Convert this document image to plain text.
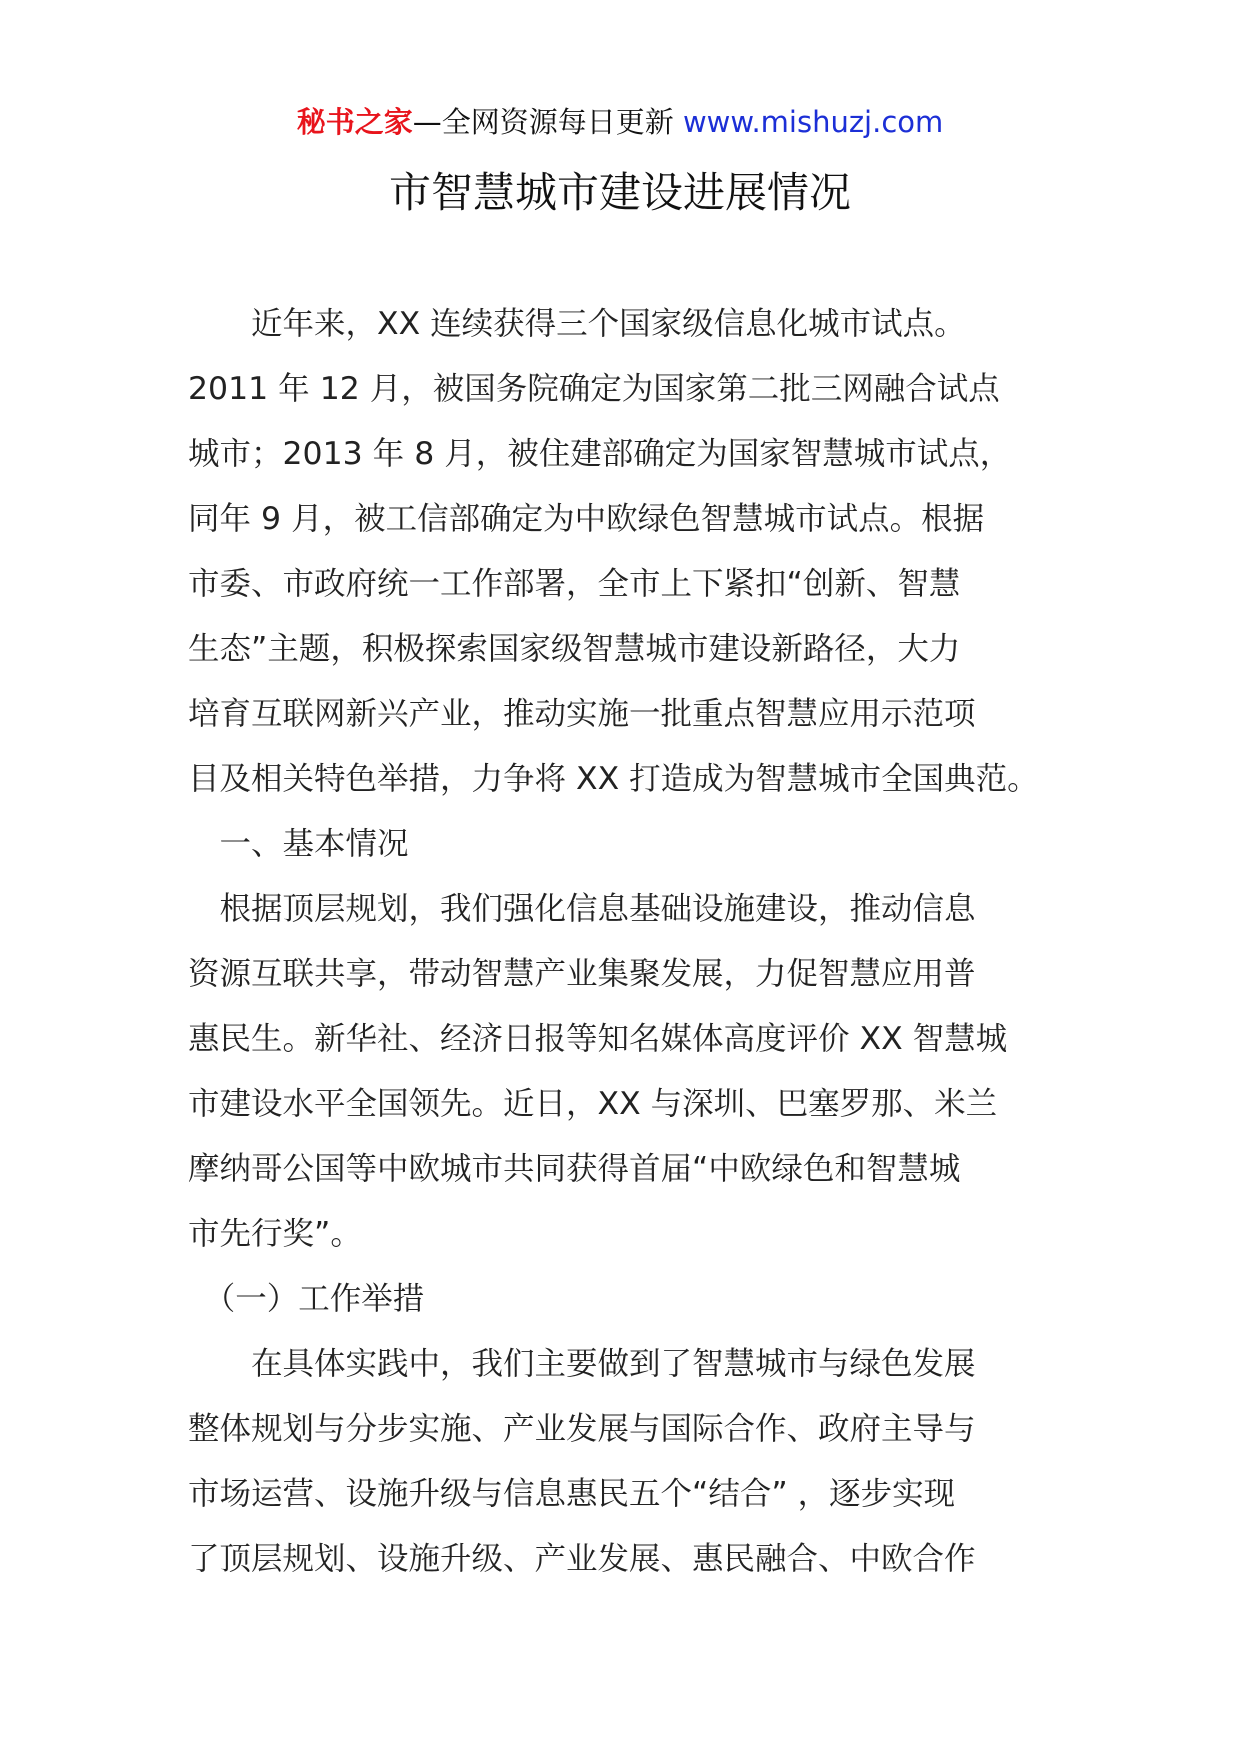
秘书之家—全网资源每日更新 www.mishuzj.com
市智慧城市建设进展情况
　　近年来，XX 连续获得三个国家级信息化城市试点。
2011 年 12 月，被国务院确定为国家第二批三网融合试点
城市；2013 年 8 月，被住建部确定为国家智慧城市试点，
同年 9 月，被工信部确定为中欧绿色智慧城市试点。根据
市委、市政府统一工作部署，全市上下紧扣“创新、智慧
生态”主题，积极探索国家级智慧城市建设新路径，大力
培育互联网新兴产业，推动实施一批重点智慧应用示范项
目及相关特色举措，力争将 XX 打造成为智慧城市全国典范。
　一、基本情况
　根据顶层规划，我们强化信息基础设施建设，推动信息
资源互联共享，带动智慧产业集聚发展，力促智慧应用普
惠民生。新华社、经济日报等知名媒体高度评价 XX 智慧城
市建设水平全国领先。近日，XX 与深圳、巴塞罗那、米兰
摩纳哥公国等中欧城市共同获得首届“中欧绿色和智慧城
市先行奖”。
　（一）工作举措
　　在具体实践中，我们主要做到了智慧城市与绿色发展
整体规划与分步实施、产业发展与国际合作、政府主导与
市场运营、设施升级与信息惠民五个“结合” ，逐步实现
了顶层规划、设施升级、产业发展、惠民融合、中欧合作
